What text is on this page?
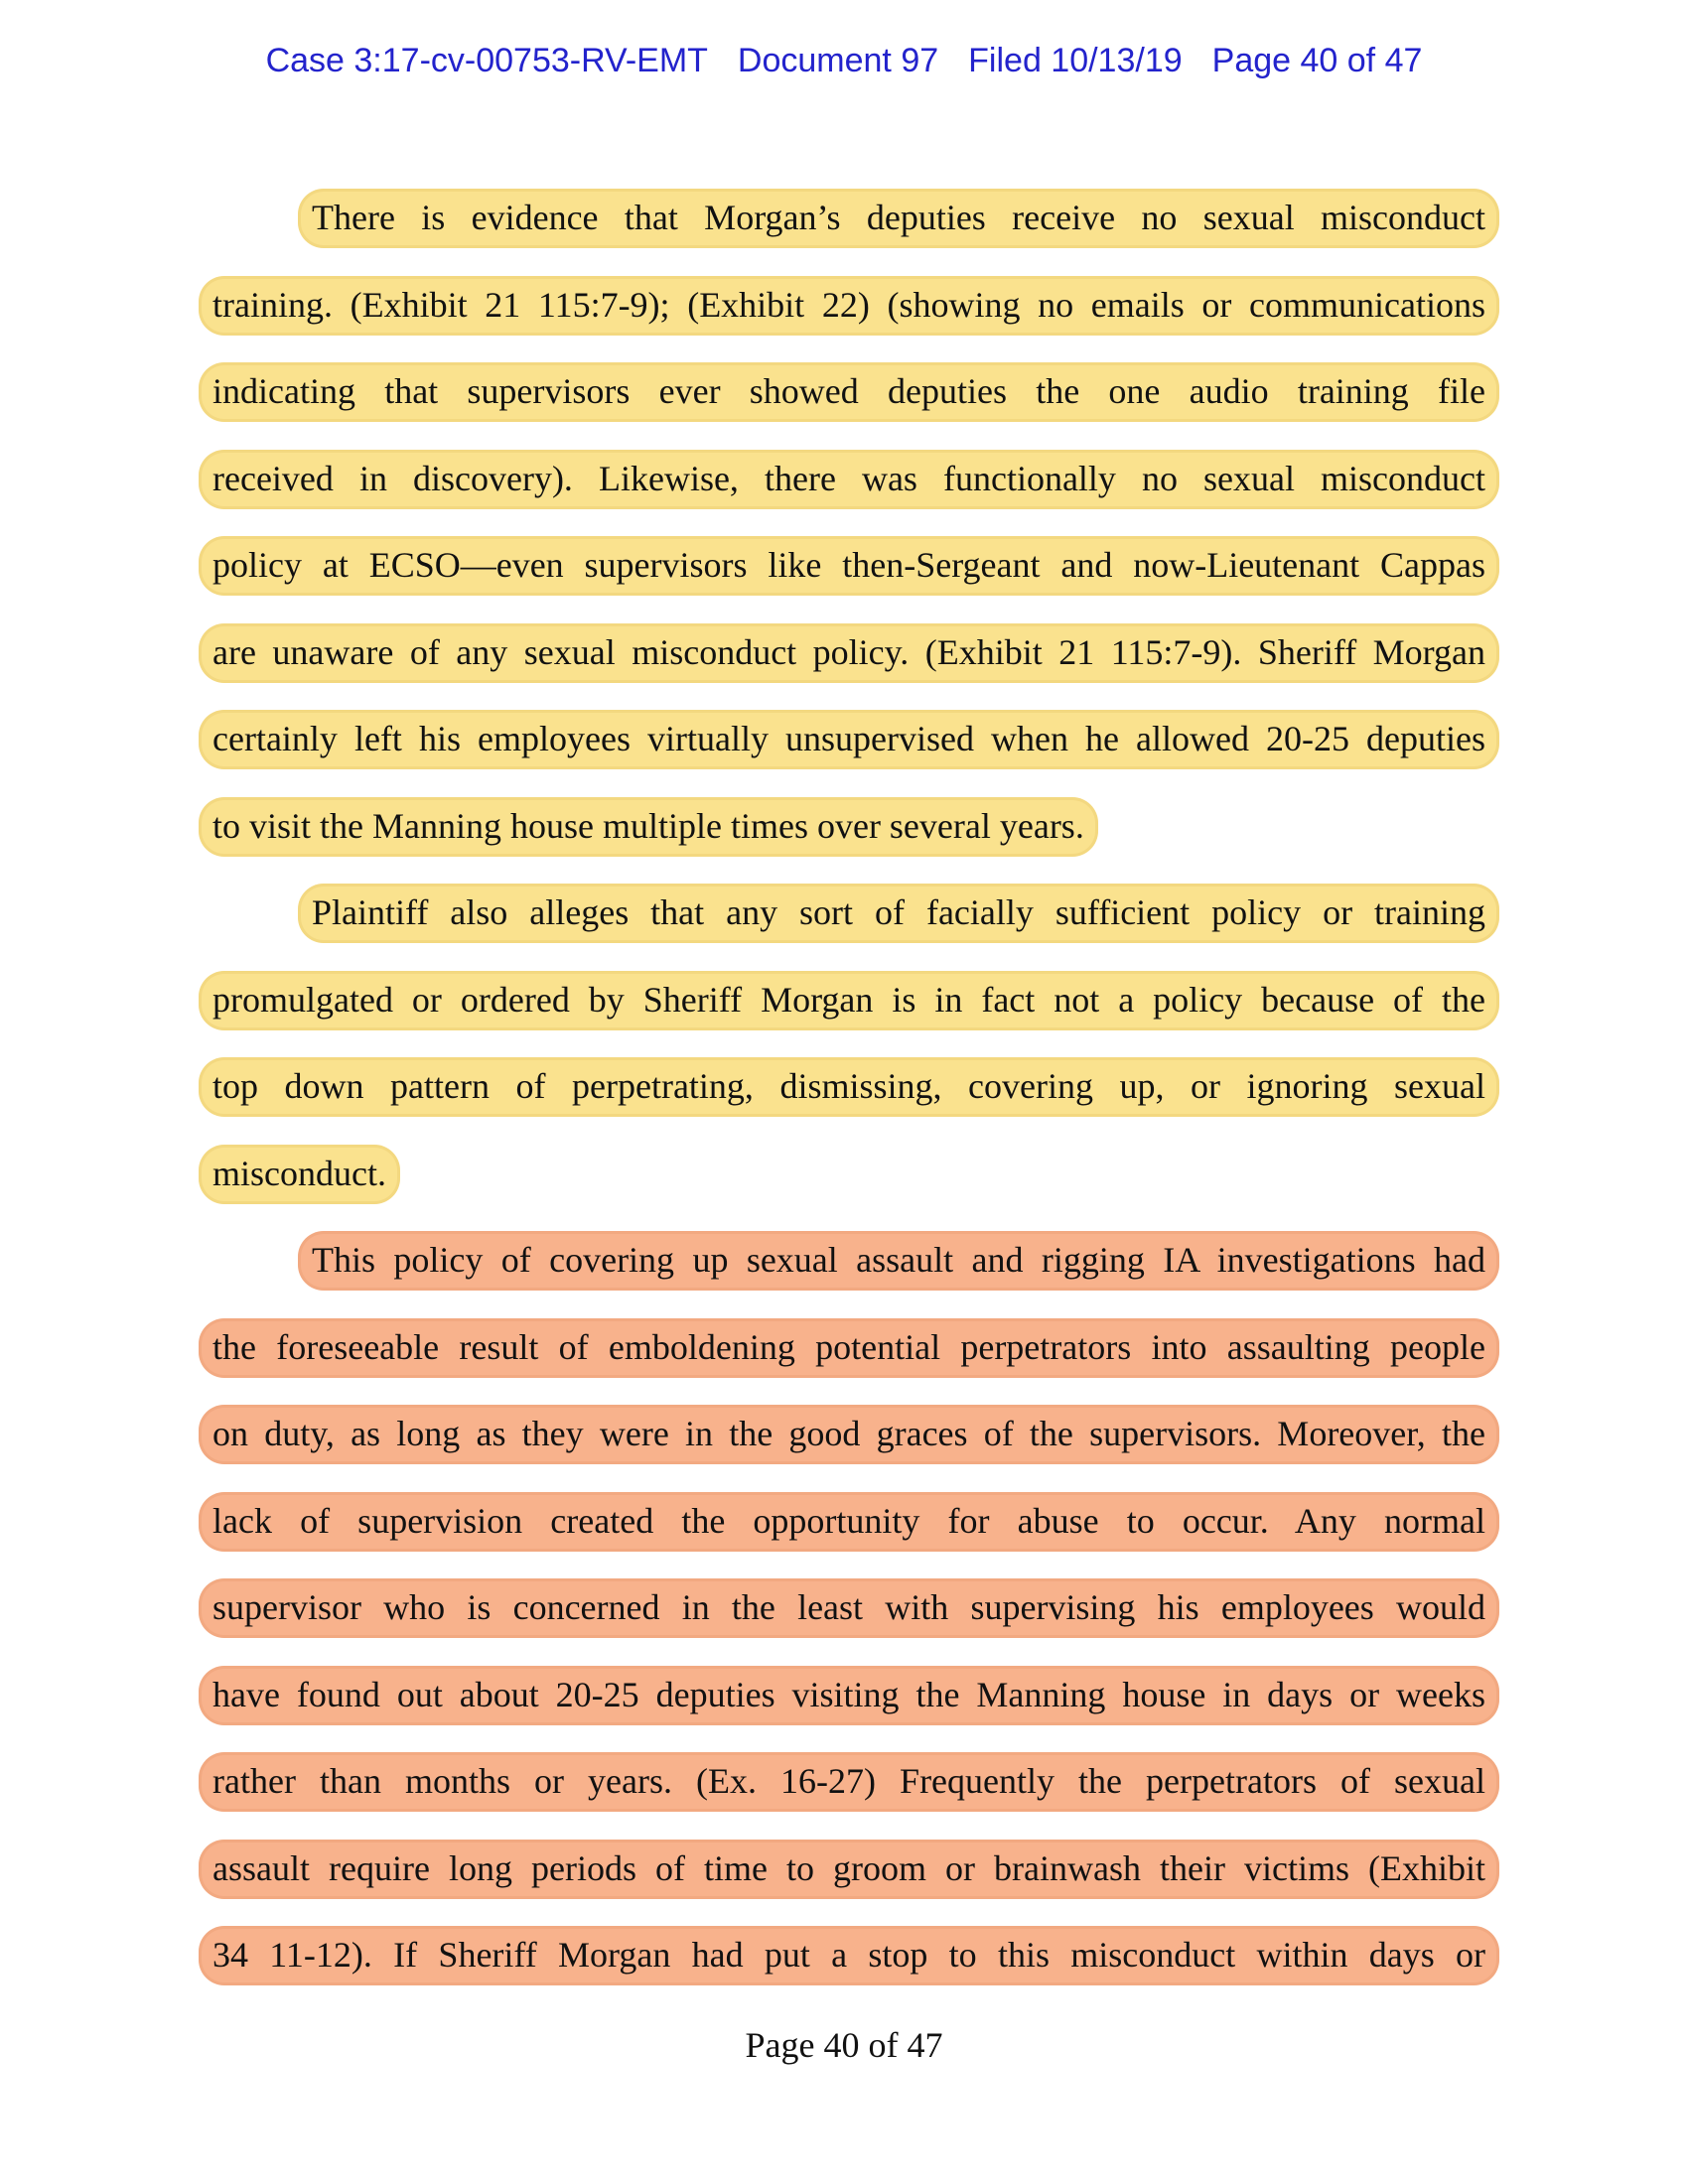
Case 3:17-cv-00753-RV-EMT Document 97 Filed 10/13/19 Page 40 of 47
There is evidence that Morgan’s deputies receive no sexual misconduct
training. (Exhibit 21 115:7-9); (Exhibit 22) (showing no emails or communications
indicating that supervisors ever showed deputies the one audio training file
received in discovery). Likewise, there was functionally no sexual misconduct
policy at ECSO—even supervisors like then-Sergeant and now-Lieutenant Cappas
are unaware of any sexual misconduct policy. (Exhibit 21 115:7-9). Sheriff Morgan
certainly left his employees virtually unsupervised when he allowed 20-25 deputies
to visit the Manning house multiple times over several years.
Plaintiff also alleges that any sort of facially sufficient policy or training
promulgated or ordered by Sheriff Morgan is in fact not a policy because of the
top down pattern of perpetrating, dismissing, covering up, or ignoring sexual
misconduct.
This policy of covering up sexual assault and rigging IA investigations had
the foreseeable result of emboldening potential perpetrators into assaulting people
on duty, as long as they were in the good graces of the supervisors. Moreover, the
lack of supervision created the opportunity for abuse to occur. Any normal
supervisor who is concerned in the least with supervising his employees would
have found out about 20-25 deputies visiting the Manning house in days or weeks
rather than months or years. (Ex. 16-27) Frequently the perpetrators of sexual
assault require long periods of time to groom or brainwash their victims (Exhibit
34 11-12). If Sheriff Morgan had put a stop to this misconduct within days or
Page 40 of 47
